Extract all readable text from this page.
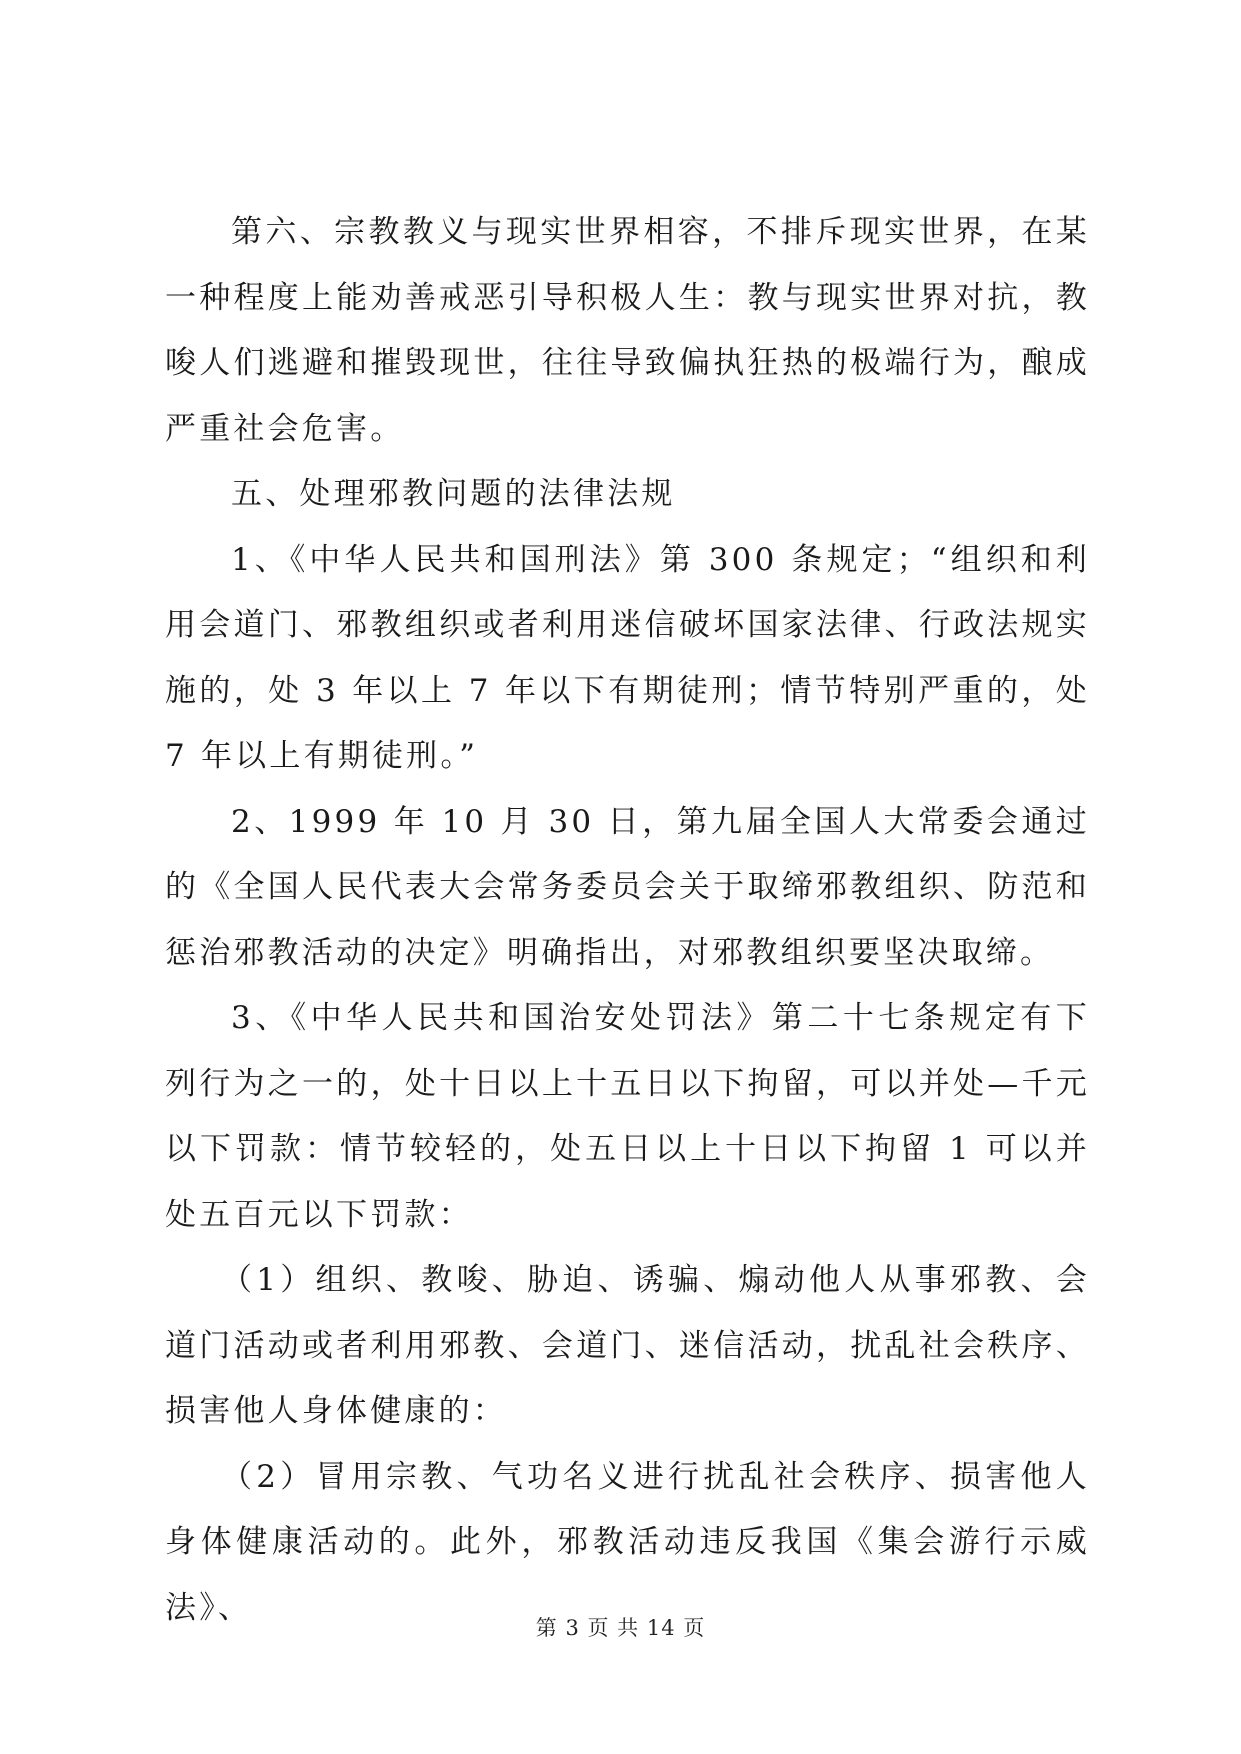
第六、宗教教义与现实世界相容，不排斥现实世界，在某一种程度上能劝善戒恶引导积极人生：教与现实世界对抗，教唆人们逃避和摧毁现世，往往导致偏执狂热的极端行为，酿成严重社会危害。

五、处理邪教问题的法律法规

1、《中华人民共和国刑法》第 300 条规定；“组织和利用会道门、邪教组织或者利用迷信破坏国家法律、行政法规实施的，处 3 年以上 7 年以下有期徒刑；情节特别严重的，处 7 年以上有期徒刑。”

2、1999 年 10 月 30 日，第九届全国人大常委会通过的《全国人民代表大会常务委员会关于取缔邪教组织、防范和惩治邪教活动的决定》明确指出，对邪教组织要坚决取缔。

3、《中华人民共和国治安处罚法》第二十七条规定有下列行为之一的，处十日以上十五日以下拘留，可以并处—千元以下罚款：情节较轻的，处五日以上十日以下拘留 1 可以并处五百元以下罚款：

（1）组织、教唆、胁迫、诱骗、煽动他人从事邪教、会道门活动或者利用邪教、会道门、迷信活动，扰乱社会秩序、损害他人身体健康的：

（2）冒用宗教、气功名义进行扰乱社会秩序、损害他人身体健康活动的。此外，邪教活动违反我国《集会游行示威法》、

第 3 页 共 14 页
